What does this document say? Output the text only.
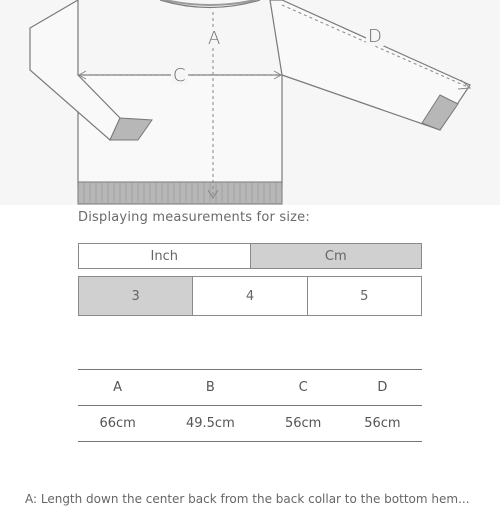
A
C
D
Displaying measurements for size:
Inch	Cm
3	4	5
A	B	C	D
66cm	49.5cm	56cm	56cm
A: Length down the center back from the back collar to the bottom hem...
